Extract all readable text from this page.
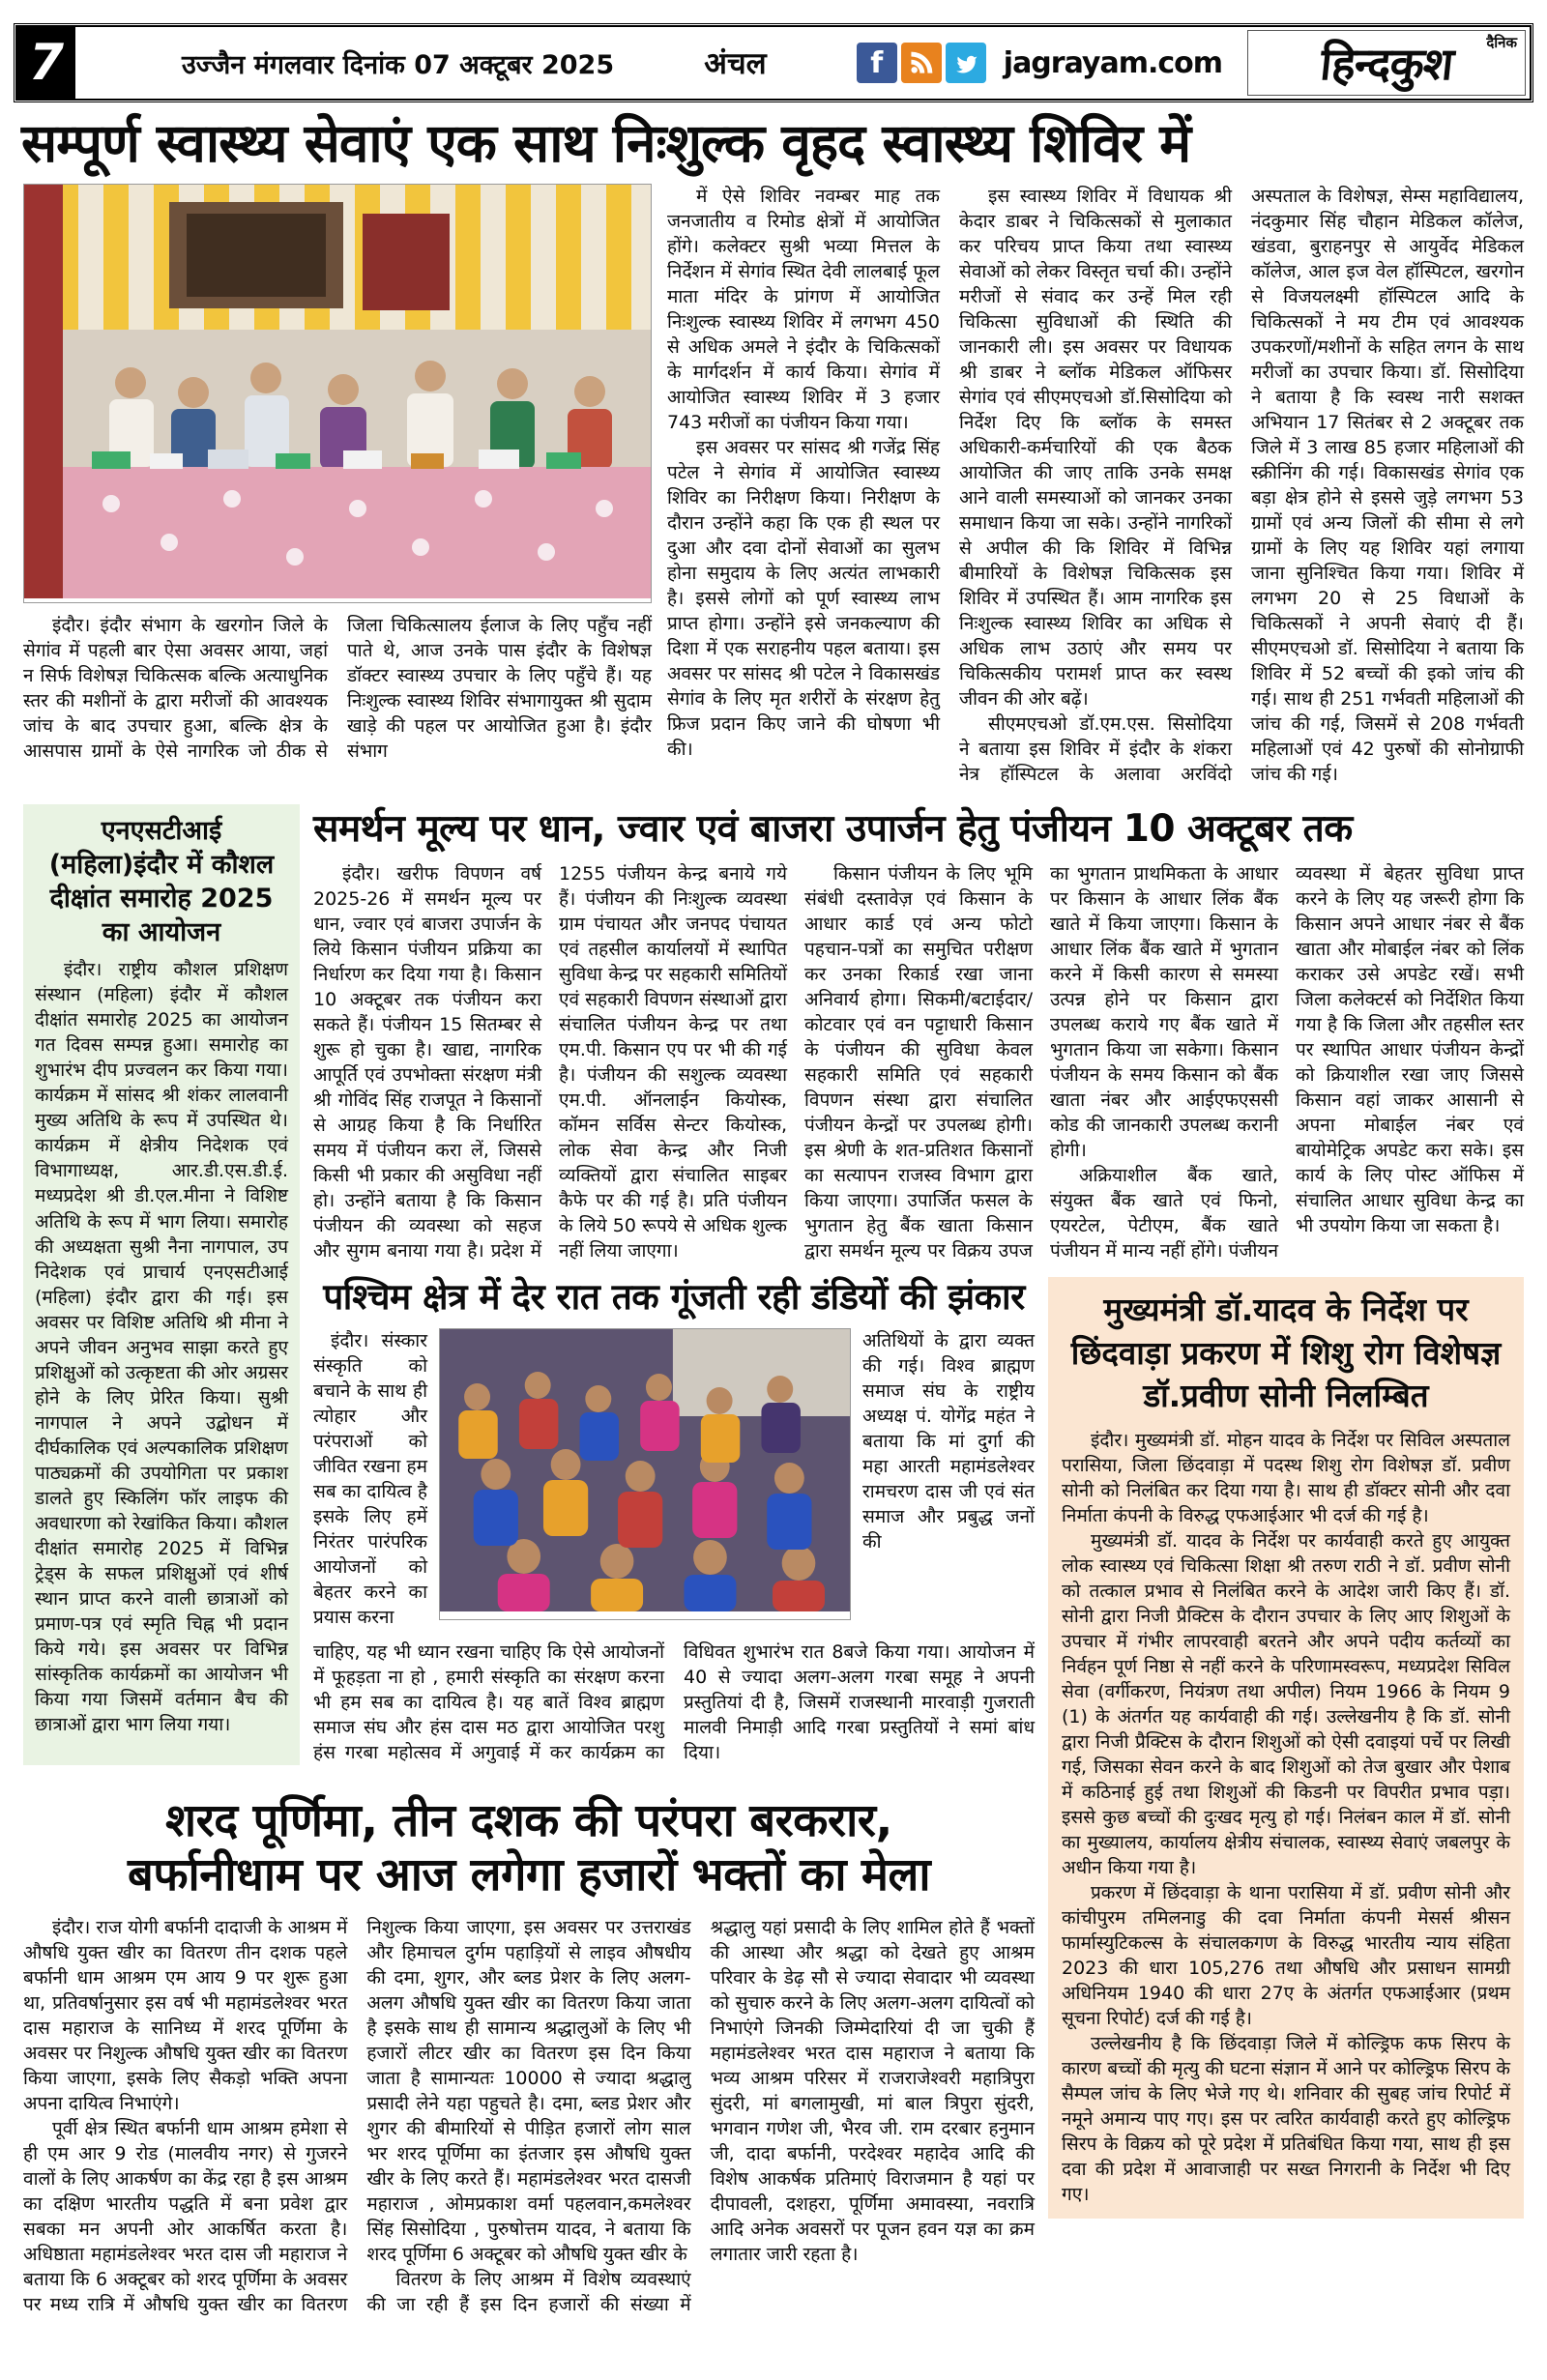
7	उज्जैन मंगलवार दिनांक 07 अक्टूबर 2025	अंचल	f	jagrayam.com
दैनिक
हिन्दकुश
सम्पूर्ण स्वास्थ्य सेवाएं एक साथ निःशुल्क वृहद स्वास्थ्य शिविर में

इंदौर। इंदौर संभाग के खरगोन जिले के सेगांव में पहली बार ऐसा अवसर आया, जहां न सिर्फ विशेषज्ञ चिकित्सक बल्कि अत्याधुनिक स्तर की मशीनों के द्वारा मरीजों की आवश्यक जांच के बाद उपचार हुआ, बल्कि क्षेत्र के आसपास ग्रामों के ऐसे नागरिक जो ठीक से जिला चिकित्सालय ईलाज के लिए पहुँच नहीं पाते थे, आज उनके पास इंदौर के विशेषज्ञ डॉक्टर स्वास्थ्य उपचार के लिए पहुँचे हैं। यह निःशुल्क स्वास्थ्य शिविर संभागायुक्त श्री सुदाम खाड़े की पहल पर आयोजित हुआ है। इंदौर संभाग

में ऐसे शिविर नवम्बर माह तक जनजातीय व रिमोड क्षेत्रों में आयोजित होंगे। कलेक्टर सुश्री भव्या मित्तल के निर्देशन में सेगांव स्थित देवी लालबाई फूल माता मंदिर के प्रांगण में आयोजित निःशुल्क स्वास्थ्य शिविर में लगभग 450 से अधिक अमले ने इंदौर के चिकित्सकों के मार्गदर्शन में कार्य किया। सेगांव में आयोजित स्वास्थ्य शिविर में 3 हजार 743 मरीजों का पंजीयन किया गया।

इस अवसर पर सांसद श्री गजेंद्र सिंह पटेल ने सेगांव में आयोजित स्वास्थ्य शिविर का निरीक्षण किया। निरीक्षण के दौरान उन्होंने कहा कि एक ही स्थल पर दुआ और दवा दोनों सेवाओं का सुलभ होना समुदाय के लिए अत्यंत लाभकारी है। इससे लोगों को पूर्ण स्वास्थ्य लाभ प्राप्त होगा। उन्होंने इसे जनकल्याण की दिशा में एक सराहनीय पहल बताया। इस अवसर पर सांसद श्री पटेल ने विकासखंड सेगांव के लिए मृत शरीरों के संरक्षण हेतु फ्रिज प्रदान किए जाने की घोषणा भी की।

इस स्वास्थ्य शिविर में विधायक श्री केदार डाबर ने चिकित्सकों से मुलाकात कर परिचय प्राप्त किया तथा स्वास्थ्य सेवाओं को लेकर विस्तृत चर्चा की। उन्होंने मरीजों से संवाद कर उन्हें मिल रही चिकित्सा सुविधाओं की स्थिति की जानकारी ली। इस अवसर पर विधायक श्री डाबर ने ब्लॉक मेडिकल ऑफिसर सेगांव एवं सीएमएचओ डॉ.सिसोदिया को निर्देश दिए कि ब्लॉक के समस्त अधिकारी-कर्मचारियों की एक बैठक आयोजित की जाए ताकि उनके समक्ष आने वाली समस्याओं को जानकर उनका समाधान किया जा सके। उन्होंने नागरिकों से अपील की कि शिविर में विभिन्न बीमारियों के विशेषज्ञ चिकित्सक इस शिविर में उपस्थित हैं। आम नागरिक इस निःशुल्क स्वास्थ्य शिविर का अधिक से अधिक लाभ उठाएं और समय पर चिकित्सकीय परामर्श प्राप्त कर स्वस्थ जीवन की ओर बढ़ें।

सीएमएचओ डॉ.एम.एस. सिसोदिया ने बताया इस शिविर में इंदौर के शंकरा नेत्र हॉस्पिटल के अलावा अरविंदो अस्पताल के विशेषज्ञ, सेम्स महाविद्यालय, नंदकुमार सिंह चौहान मेडिकल कॉलेज, खंडवा, बुराहनपुर से आयुर्वेद मेडिकल कॉलेज, आल इज वेल हॉस्पिटल, खरगोन से विजयलक्ष्मी हॉस्पिटल आदि के चिकित्सकों ने मय टीम एवं आवश्यक उपकरणों/मशीनों के सहित लगन के साथ मरीजों का उपचार किया। डॉ. सिसोदिया ने बताया है कि स्वस्थ नारी सशक्त अभियान 17 सितंबर से 2 अक्टूबर तक जिले में 3 लाख 85 हजार महिलाओं की स्क्रीनिंग की गई। विकासखंड सेगांव एक बड़ा क्षेत्र होने से इससे जुड़े लगभग 53 ग्रामों एवं अन्य जिलों की सीमा से लगे ग्रामों के लिए यह शिविर यहां लगाया जाना सुनिश्चित किया गया। शिविर में लगभग 20 से 25 विधाओं के चिकित्सकों ने अपनी सेवाएं दी हैं। सीएमएचओ डॉ. सिसोदिया ने बताया कि शिविर में 52 बच्चों की इको जांच की गई। साथ ही 251 गर्भवती महिलाओं की जांच की गई, जिसमें से 208 गर्भवती महिलाओं एवं 42 पुरुषों की सोनोग्राफी जांच की गई।

एनएसटीआई (महिला)इंदौर में कौशल दीक्षांत समारोह 2025 का आयोजन

इंदौर। राष्ट्रीय कौशल प्रशिक्षण संस्थान (महिला) इंदौर में कौशल दीक्षांत समारोह 2025 का आयोजन गत दिवस सम्पन्न हुआ। समारोह का शुभारंभ दीप प्रज्वलन कर किया गया। कार्यक्रम में सांसद श्री शंकर लालवानी मुख्य अतिथि के रूप में उपस्थित थे। कार्यक्रम में क्षेत्रीय निदेशक एवं विभागाध्यक्ष, आर.डी.एस.डी.ई. मध्यप्रदेश श्री डी.एल.मीना ने विशिष्ट अतिथि के रूप में भाग लिया। समारोह की अध्यक्षता सुश्री नैना नागपाल, उप निदेशक एवं प्राचार्य एनएसटीआई (महिला) इंदौर द्वारा की गई। इस अवसर पर विशिष्ट अतिथि श्री मीना ने अपने जीवन अनुभव साझा करते हुए प्रशिक्षुओं को उत्कृष्टता की ओर अग्रसर होने के लिए प्रेरित किया। सुश्री नागपाल ने अपने उद्बोधन में दीर्घकालिक एवं अल्पकालिक प्रशिक्षण पाठ्यक्रमों की उपयोगिता पर प्रकाश डालते हुए स्किलिंग फॉर लाइफ की अवधारणा को रेखांकित किया। कौशल दीक्षांत समारोह 2025 में विभिन्न ट्रेड्स के सफल प्रशिक्षुओं एवं शीर्ष स्थान प्राप्त करने वाली छात्राओं को प्रमाण-पत्र एवं स्मृति चिह्न भी प्रदान किये गये। इस अवसर पर विभिन्न सांस्कृतिक कार्यक्रमों का आयोजन भी किया गया जिसमें वर्तमान बैच की छात्राओं द्वारा भाग लिया गया।

समर्थन मूल्य पर धान, ज्वार एवं बाजरा उपार्जन हेतु पंजीयन 10 अक्टूबर तक

इंदौर। खरीफ विपणन वर्ष 2025-26 में समर्थन मूल्य पर धान, ज्वार एवं बाजरा उपार्जन के लिये किसान पंजीयन प्रक्रिया का निर्धारण कर दिया गया है। किसान 10 अक्टूबर तक पंजीयन करा सकते हैं। पंजीयन 15 सितम्बर से शुरू हो चुका है। खाद्य, नागरिक आपूर्ति एवं उपभोक्ता संरक्षण मंत्री श्री गोविंद सिंह राजपूत ने किसानों से आग्रह किया है कि निर्धारित समय में पंजीयन करा लें, जिससे किसी भी प्रकार की असुविधा नहीं हो। उन्होंने बताया है कि किसान पंजीयन की व्यवस्था को सहज और सुगम बनाया गया है। प्रदेश में 1255 पंजीयन केन्द्र बनाये गये हैं। पंजीयन की निःशुल्क व्यवस्था ग्राम पंचायत और जनपद पंचायत एवं तहसील कार्यालयों में स्थापित सुविधा केन्द्र पर सहकारी समितियों एवं सहकारी विपणन संस्थाओं द्वारा संचालित पंजीयन केन्द्र पर तथा एम.पी. किसान एप पर भी की गई है। पंजीयन की सशुल्क व्यवस्था एम.पी. ऑनलाईन कियोस्क, कॉमन सर्विस सेन्टर कियोस्क, लोक सेवा केन्द्र और निजी व्यक्तियों द्वारा संचालित साइबर कैफे पर की गई है। प्रति पंजीयन के लिये 50 रूपये से अधिक शुल्क नहीं लिया जाएगा।

किसान पंजीयन के लिए भूमि संबंधी दस्तावेज़ एवं किसान के आधार कार्ड एवं अन्य फोटो पहचान-पत्रों का समुचित परीक्षण कर उनका रिकार्ड रखा जाना अनिवार्य होगा। सिकमी/बटाईदार/कोटवार एवं वन पट्टाधारी किसान के पंजीयन की सुविधा केवल सहकारी समिति एवं सहकारी विपणन संस्था द्वारा संचालित पंजीयन केन्द्रों पर उपलब्ध होगी। इस श्रेणी के शत-प्रतिशत किसानों का सत्यापन राजस्व विभाग द्वारा किया जाएगा। उपार्जित फसल के भुगतान हेतु बैंक खाता किसान द्वारा समर्थन मूल्य पर विक्रय उपज का भुगतान प्राथमिकता के आधार पर किसान के आधार लिंक बैंक खाते में किया जाएगा। किसान के आधार लिंक बैंक खाते में भुगतान करने में किसी कारण से समस्या उत्पन्न होने पर किसान द्वारा उपलब्ध कराये गए बैंक खाते में भुगतान किया जा सकेगा। किसान पंजीयन के समय किसान को बैंक खाता नंबर और आईएफएससी कोड की जानकारी उपलब्ध करानी होगी।

अक्रियाशील बैंक खाते, संयुक्त बैंक खाते एवं फिनो, एयरटेल, पेटीएम, बैंक खाते पंजीयन में मान्य नहीं होंगे। पंजीयन व्यवस्था में बेहतर सुविधा प्राप्त करने के लिए यह जरूरी होगा कि किसान अपने आधार नंबर से बैंक खाता और मोबाईल नंबर को लिंक कराकर उसे अपडेट रखें। सभी जिला कलेक्टर्स को निर्देशित किया गया है कि जिला और तहसील स्तर पर स्थापित आधार पंजीयन केन्द्रों को क्रियाशील रखा जाए जिससे किसान वहां जाकर आसानी से अपना मोबाईल नंबर एवं बायोमेट्रिक अपडेट करा सके। इस कार्य के लिए पोस्ट ऑफिस में संचालित आधार सुविधा केन्द्र का भी उपयोग किया जा सकता है।

पश्चिम क्षेत्र में देर रात तक गूंजती रही डंडियों की झंकार

इंदौर। संस्कार संस्कृति को बचाने के साथ ही त्योहार और परंपराओं को जीवित रखना हम सब का दायित्व है इसके लिए हमें निरंतर पारंपरिक आयोजनों को बेहतर करने का प्रयास करना

अतिथियों के द्वारा व्यक्त की गई। विश्व ब्राह्मण समाज संघ के राष्ट्रीय अध्यक्ष पं. योगेंद्र महंत ने बताया कि मां दुर्गा की महा आरती महामंडलेश्वर रामचरण दास जी एवं संत समाज और प्रबुद्ध जनों की

चाहिए, यह भी ध्यान रखना चाहिए कि ऐसे आयोजनों में फूहड़ता ना हो , हमारी संस्कृति का संरक्षण करना भी हम सब का दायित्व है। यह बातें विश्व ब्राह्मण समाज संघ और हंस दास मठ द्वारा आयोजित परशु हंस गरबा महोत्सव में अगुवाई में कर कार्यक्रम का विधिवत शुभारंभ रात 8बजे किया गया। आयोजन में 40 से ज्यादा अलग-अलग गरबा समूह ने अपनी प्रस्तुतियां दी है, जिसमें राजस्थानी मारवाड़ी गुजराती मालवी निमाड़ी आदि गरबा प्रस्तुतियों ने समां बांध दिया।

मुख्यमंत्री डॉ.यादव के निर्देश पर छिंदवाड़ा प्रकरण में शिशु रोग विशेषज्ञ डॉ.प्रवीण सोनी निलम्बित

इंदौर। मुख्यमंत्री डॉ. मोहन यादव के निर्देश पर सिविल अस्पताल परासिया, जिला छिंदवाड़ा में पदस्थ शिशु रोग विशेषज्ञ डॉ. प्रवीण सोनी को निलंबित कर दिया गया है। साथ ही डॉक्टर सोनी और दवा निर्माता कंपनी के विरुद्ध एफआईआर भी दर्ज की गई है।

मुख्यमंत्री डॉ. यादव के निर्देश पर कार्यवाही करते हुए आयुक्त लोक स्वास्थ्य एवं चिकित्सा शिक्षा श्री तरुण राठी ने डॉ. प्रवीण सोनी को तत्काल प्रभाव से निलंबित करने के आदेश जारी किए हैं। डॉ. सोनी द्वारा निजी प्रैक्टिस के दौरान उपचार के लिए आए शिशुओं के उपचार में गंभीर लापरवाही बरतने और अपने पदीय कर्तव्यों का निर्वहन पूर्ण निष्ठा से नहीं करने के परिणामस्वरूप, मध्यप्रदेश सिविल सेवा (वर्गीकरण, नियंत्रण तथा अपील) नियम 1966 के नियम 9 (1) के अंतर्गत यह कार्यवाही की गई। उल्लेखनीय है कि डॉ. सोनी द्वारा निजी प्रैक्टिस के दौरान शिशुओं को ऐसी दवाइयां पर्चे पर लिखी गई, जिसका सेवन करने के बाद शिशुओं को तेज बुखार और पेशाब में कठिनाई हुई तथा शिशुओं की किडनी पर विपरीत प्रभाव पड़ा। इससे कुछ बच्चों की दुःखद मृत्यु हो गई। निलंबन काल में डॉ. सोनी का मुख्यालय, कार्यालय क्षेत्रीय संचालक, स्वास्थ्य सेवाएं जबलपुर के अधीन किया गया है।

प्रकरण में छिंदवाड़ा के थाना परासिया में डॉ. प्रवीण सोनी और कांचीपुरम तमिलनाडु की दवा निर्माता कंपनी मेसर्स श्रीसन फार्मास्युटिकल्स के संचालकगण के विरुद्ध भारतीय न्याय संहिता 2023 की धारा 105,276 तथा औषधि और प्रसाधन सामग्री अधिनियम 1940 की धारा 27ए के अंतर्गत एफआईआर (प्रथम सूचना रिपोर्ट) दर्ज की गई है।

उल्लेखनीय है कि छिंदवाड़ा जिले में कोल्ड्रिफ कफ सिरप के कारण बच्चों की मृत्यु की घटना संज्ञान में आने पर कोल्ड्रिफ सिरप के सैम्पल जांच के लिए भेजे गए थे। शनिवार की सुबह जांच रिपोर्ट में नमूने अमान्य पाए गए। इस पर त्वरित कार्यवाही करते हुए कोल्ड्रिफ सिरप के विक्रय को पूरे प्रदेश में प्रतिबंधित किया गया, साथ ही इस दवा की प्रदेश में आवाजाही पर सख्त निगरानी के निर्देश भी दिए गए।

शरद पूर्णिमा, तीन दशक की परंपरा बरकरार,
बर्फानीधाम पर आज लगेगा हजारों भक्तों का मेला

इंदौर। राज योगी बर्फानी दादाजी के आश्रम में औषधि युक्त खीर का वितरण तीन दशक पहले बर्फानी धाम आश्रम एम आय 9 पर शुरू हुआ था, प्रतिवर्षानुसार इस वर्ष भी महामंडलेश्वर भरत दास महाराज के सानिध्य में शरद पूर्णिमा के अवसर पर निशुल्क औषधि युक्त खीर का वितरण किया जाएगा, इसके लिए सैकड़ो भक्ति अपना अपना दायित्व निभाएंगे।

पूर्वी क्षेत्र स्थित बर्फानी धाम आश्रम हमेशा से ही एम आर 9 रोड (मालवीय नगर) से गुजरने वालों के लिए आकर्षण का केंद्र रहा है इस आश्रम का दक्षिण भारतीय पद्धति में बना प्रवेश द्वार सबका मन अपनी ओर आकर्षित करता है। अधिष्ठाता महामंडलेश्वर भरत दास जी महाराज ने बताया कि 6 अक्टूबर को शरद पूर्णिमा के अवसर पर मध्य रात्रि में औषधि युक्त खीर का वितरण निशुल्क किया जाएगा, इस अवसर पर उत्तराखंड और हिमाचल दुर्गम पहाड़ियों से लाइव औषधीय की दमा, शुगर, और ब्लड प्रेशर के लिए अलग-अलग औषधि युक्त खीर का वितरण किया जाता है इसके साथ ही सामान्य श्रद्धालुओं के लिए भी हजारों लीटर खीर का वितरण इस दिन किया जाता है सामान्यतः 10000 से ज्यादा श्रद्धालु प्रसादी लेने यहा पहुचते है। दमा, ब्लड प्रेशर और शुगर की बीमारियों से पीड़ित हजारों लोग साल भर शरद पूर्णिमा का इंतजार इस औषधि युक्त खीर के लिए करते हैं। महामंडलेश्वर भरत दासजी महाराज , ओमप्रकाश वर्मा पहलवान,कमलेश्वर सिंह सिसोदिया , पुरुषोत्तम यादव, ने बताया कि शरद पूर्णिमा 6 अक्टूबर को औषधि युक्त खीर के

वितरण के लिए आश्रम में विशेष व्यवस्थाएं की जा रही हैं इस दिन हजारों की संख्या में श्रद्धालु यहां प्रसादी के लिए शामिल होते हैं भक्तों की आस्था और श्रद्धा को देखते हुए आश्रम परिवार के डेढ़ सौ से ज्यादा सेवादार भी व्यवस्था को सुचारु करने के लिए अलग-अलग दायित्वों को निभाएंगे जिनकी जिम्मेदारियां दी जा चुकी हैं महामंडलेश्वर भरत दास महाराज ने बताया कि भव्य आश्रम परिसर में राजराजेश्वरी महात्रिपुरा सुंदरी, मां बगलामुखी, मां बाल त्रिपुरा सुंदरी, भगवान गणेश जी, भैरव जी. राम दरबार हनुमान जी, दादा बर्फानी, परदेश्वर महादेव आदि की विशेष आकर्षक प्रतिमाएं विराजमान है यहां पर दीपावली, दशहरा, पूर्णिमा अमावस्या, नवरात्रि आदि अनेक अवसरों पर पूजन हवन यज्ञ का क्रम लगातार जारी रहता है।
